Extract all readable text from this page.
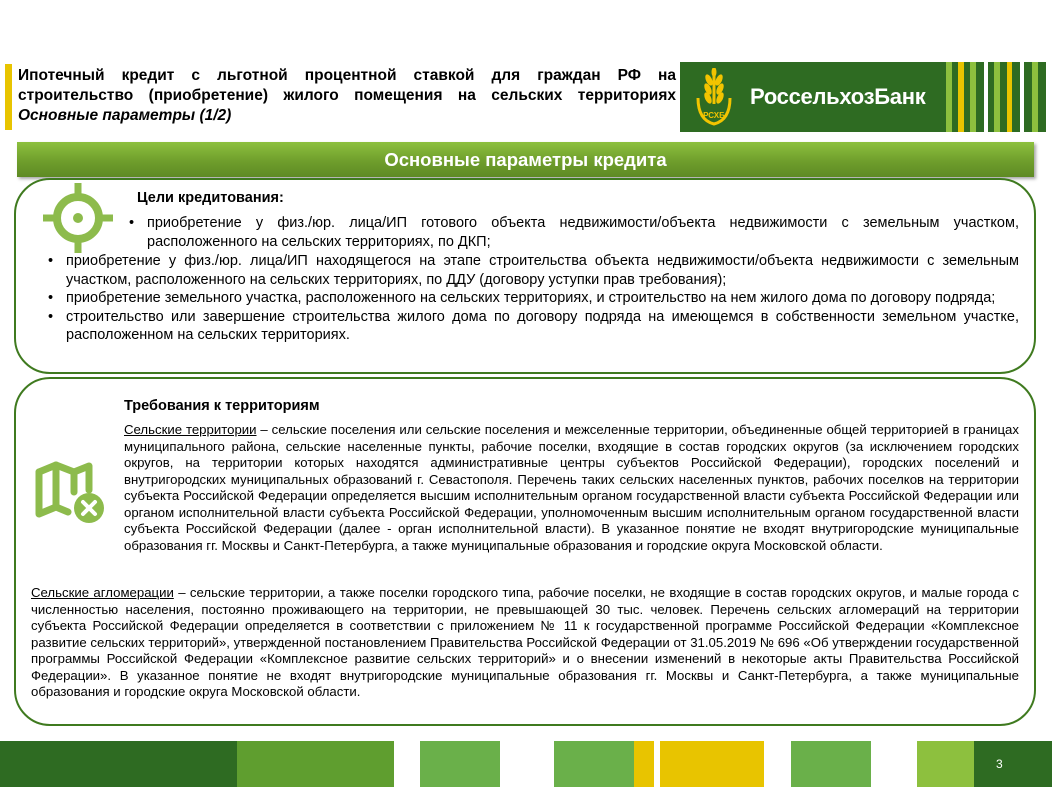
Ипотечный кредит с льготной процентной ставкой для граждан РФ на
строительство (приобретение) жилого помещения на сельских территориях
Основные параметры (1/2)	РСХБ
РоссельхозБанк
Основные параметры кредита
Цели кредитования:
• приобретение у физ./юр. лица/ИП готового объекта недвижимости/объекта недвижимости с земельным участком, расположенного на сельских территориях, по ДКП;
• приобретение у физ./юр. лица/ИП находящегося на этапе строительства объекта недвижимости/объекта недвижимости с земельным участком, расположенного на сельских территориях, по ДДУ (договору уступки прав требования);
• приобретение земельного участка, расположенного на сельских территориях, и строительство на нем жилого дома по договору подряда;
• строительство или завершение строительства жилого дома по договору подряда на имеющемся в собственности земельном участке, расположенном на сельских территориях.
Требования к территориям

Сельские территории – сельские поселения или сельские поселения и межселенные территории, объединенные общей территорией в границах муниципального района, сельские населенные пункты, рабочие поселки, входящие в состав городских округов (за исключением городских округов, на территории которых находятся административные центры субъектов Российской Федерации), городских поселений и внутригородских муниципальных образований г. Севастополя. Перечень таких сельских населенных пунктов, рабочих поселков на территории субъекта Российской Федерации определяется высшим исполнительным органом государственной власти субъекта Российской Федерации или органом исполнительной власти субъекта Российской Федерации, уполномоченным высшим исполнительным органом государственной власти субъекта Российской Федерации (далее - орган исполнительной власти). В указанное понятие не входят внутригородские муниципальные образования гг. Москвы и Санкт-Петербурга, а также муниципальные образования и городские округа Московской области.

Сельские агломерации – сельские территории, а также поселки городского типа, рабочие поселки, не входящие в состав городских округов, и малые города с численностью населения, постоянно проживающего на территории, не превышающей 30 тыс. человек. Перечень сельских агломераций на территории субъекта Российской Федерации определяется в соответствии с приложением № 11 к государственной программе Российской Федерации «Комплексное развитие сельских территорий», утвержденной постановлением Правительства Российской Федерации от 31.05.2019 № 696 «Об утверждении государственной программы Российской Федерации «Комплексное развитие сельских территорий» и о внесении изменений в некоторые акты Правительства Российской Федерации». В указанное понятие не входят внутригородские муниципальные образования гг. Москвы и Санкт-Петербурга, а также муниципальные образования и городские округа Московской области.

3
